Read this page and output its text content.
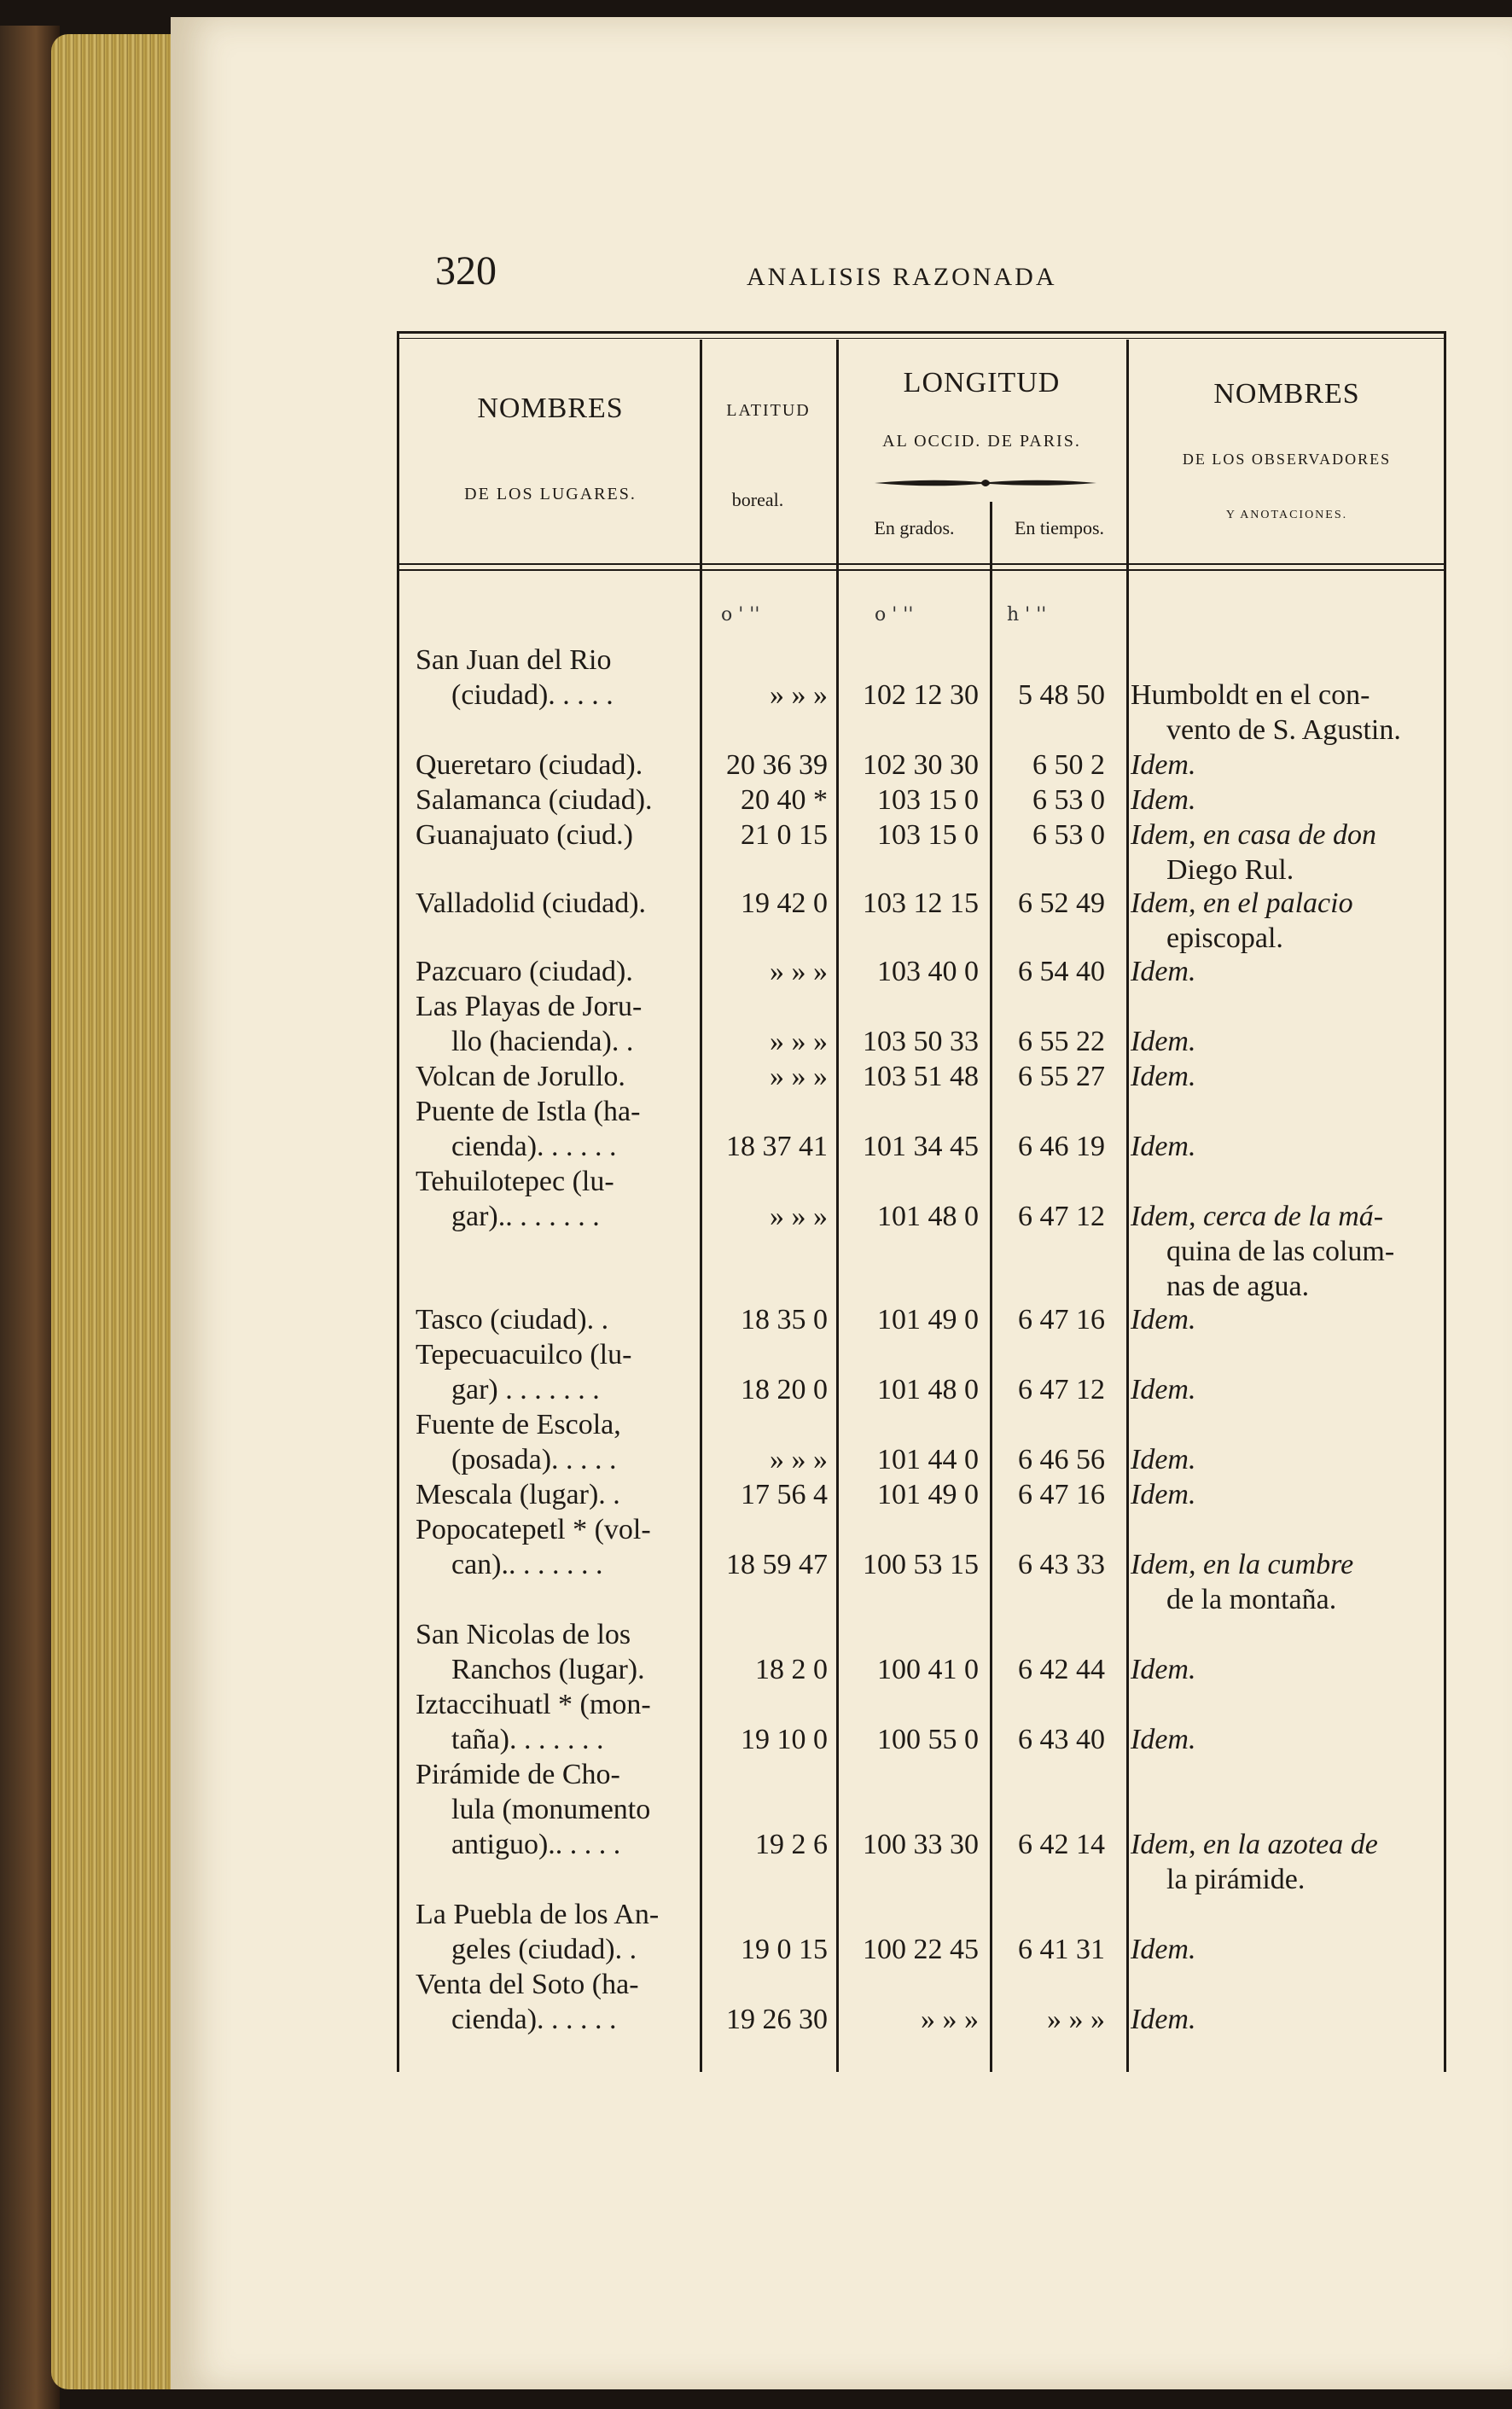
320	ANALISIS RAZONADA
NOMBRES
DE LOS LUGARES.
LATITUD
boreal.
LONGITUD
AL OCCID. DE PARIS.
En grados.	En tiempos.
NOMBRES
DE LOS OBSERVADORES
Y ANOTACIONES.
o ' ''	o ' ''	h ' ''
San Juan del Rio
(ciudad). . . . .	» » »	102 12 30	5 48 50 Humboldt en el con-
vento de S. Agustin.
Queretaro (ciudad).	20 36 39	102 30 30	6 50 2 Idem.
Salamanca (ciudad).	20 40 *	103 15 0	6 53 0 Idem.
Guanajuato (ciud.)	21 0 15	103 15 0	6 53 0 Idem, en casa de don
Diego Rul.
Valladolid (ciudad).	19 42 0	103 12 15	6 52 49 Idem, en el palacio
episcopal.
Pazcuaro (ciudad).	» » »	103 40 0	6 54 40 Idem.
Las Playas de Joru-
llo (hacienda). .	» » »	103 50 33	6 55 22 Idem.
Volcan de Jorullo.	» » »	103 51 48	6 55 27 Idem.
Puente de Istla (ha-
cienda). . . . . .	18 37 41	101 34 45	6 46 19 Idem.
Tehuilotepec (lu-
gar).. . . . . . .	» » »	101 48 0	6 47 12 Idem, cerca de la má-
quina de las colum-
nas de agua.
Tasco (ciudad). .	18 35 0	101 49 0	6 47 16 Idem.
Tepecuacuilco (lu-
gar) . . . . . . .	18 20 0	101 48 0	6 47 12 Idem.
Fuente de Escola,
(posada). . . . .	» » »	101 44 0	6 46 56 Idem.
Mescala (lugar). .	17 56 4	101 49 0	6 47 16 Idem.
Popocatepetl * (vol-
can).. . . . . . .	18 59 47	100 53 15	6 43 33 Idem, en la cumbre
de la montaña.
San Nicolas de los
Ranchos (lugar).	18 2 0	100 41 0	6 42 44 Idem.
Iztaccihuatl * (mon-
taña). . . . . . .	19 10 0	100 55 0	6 43 40 Idem.
Pirámide de Cho-
lula (monumento
antiguo).. . . . .	19 2 6	100 33 30	6 42 14 Idem, en la azotea de
la pirámide.
La Puebla de los An-
geles (ciudad). .	19 0 15	100 22 45	6 41 31 Idem.
Venta del Soto (ha-
cienda). . . . . .	19 26 30	» » »	» » » Idem.
